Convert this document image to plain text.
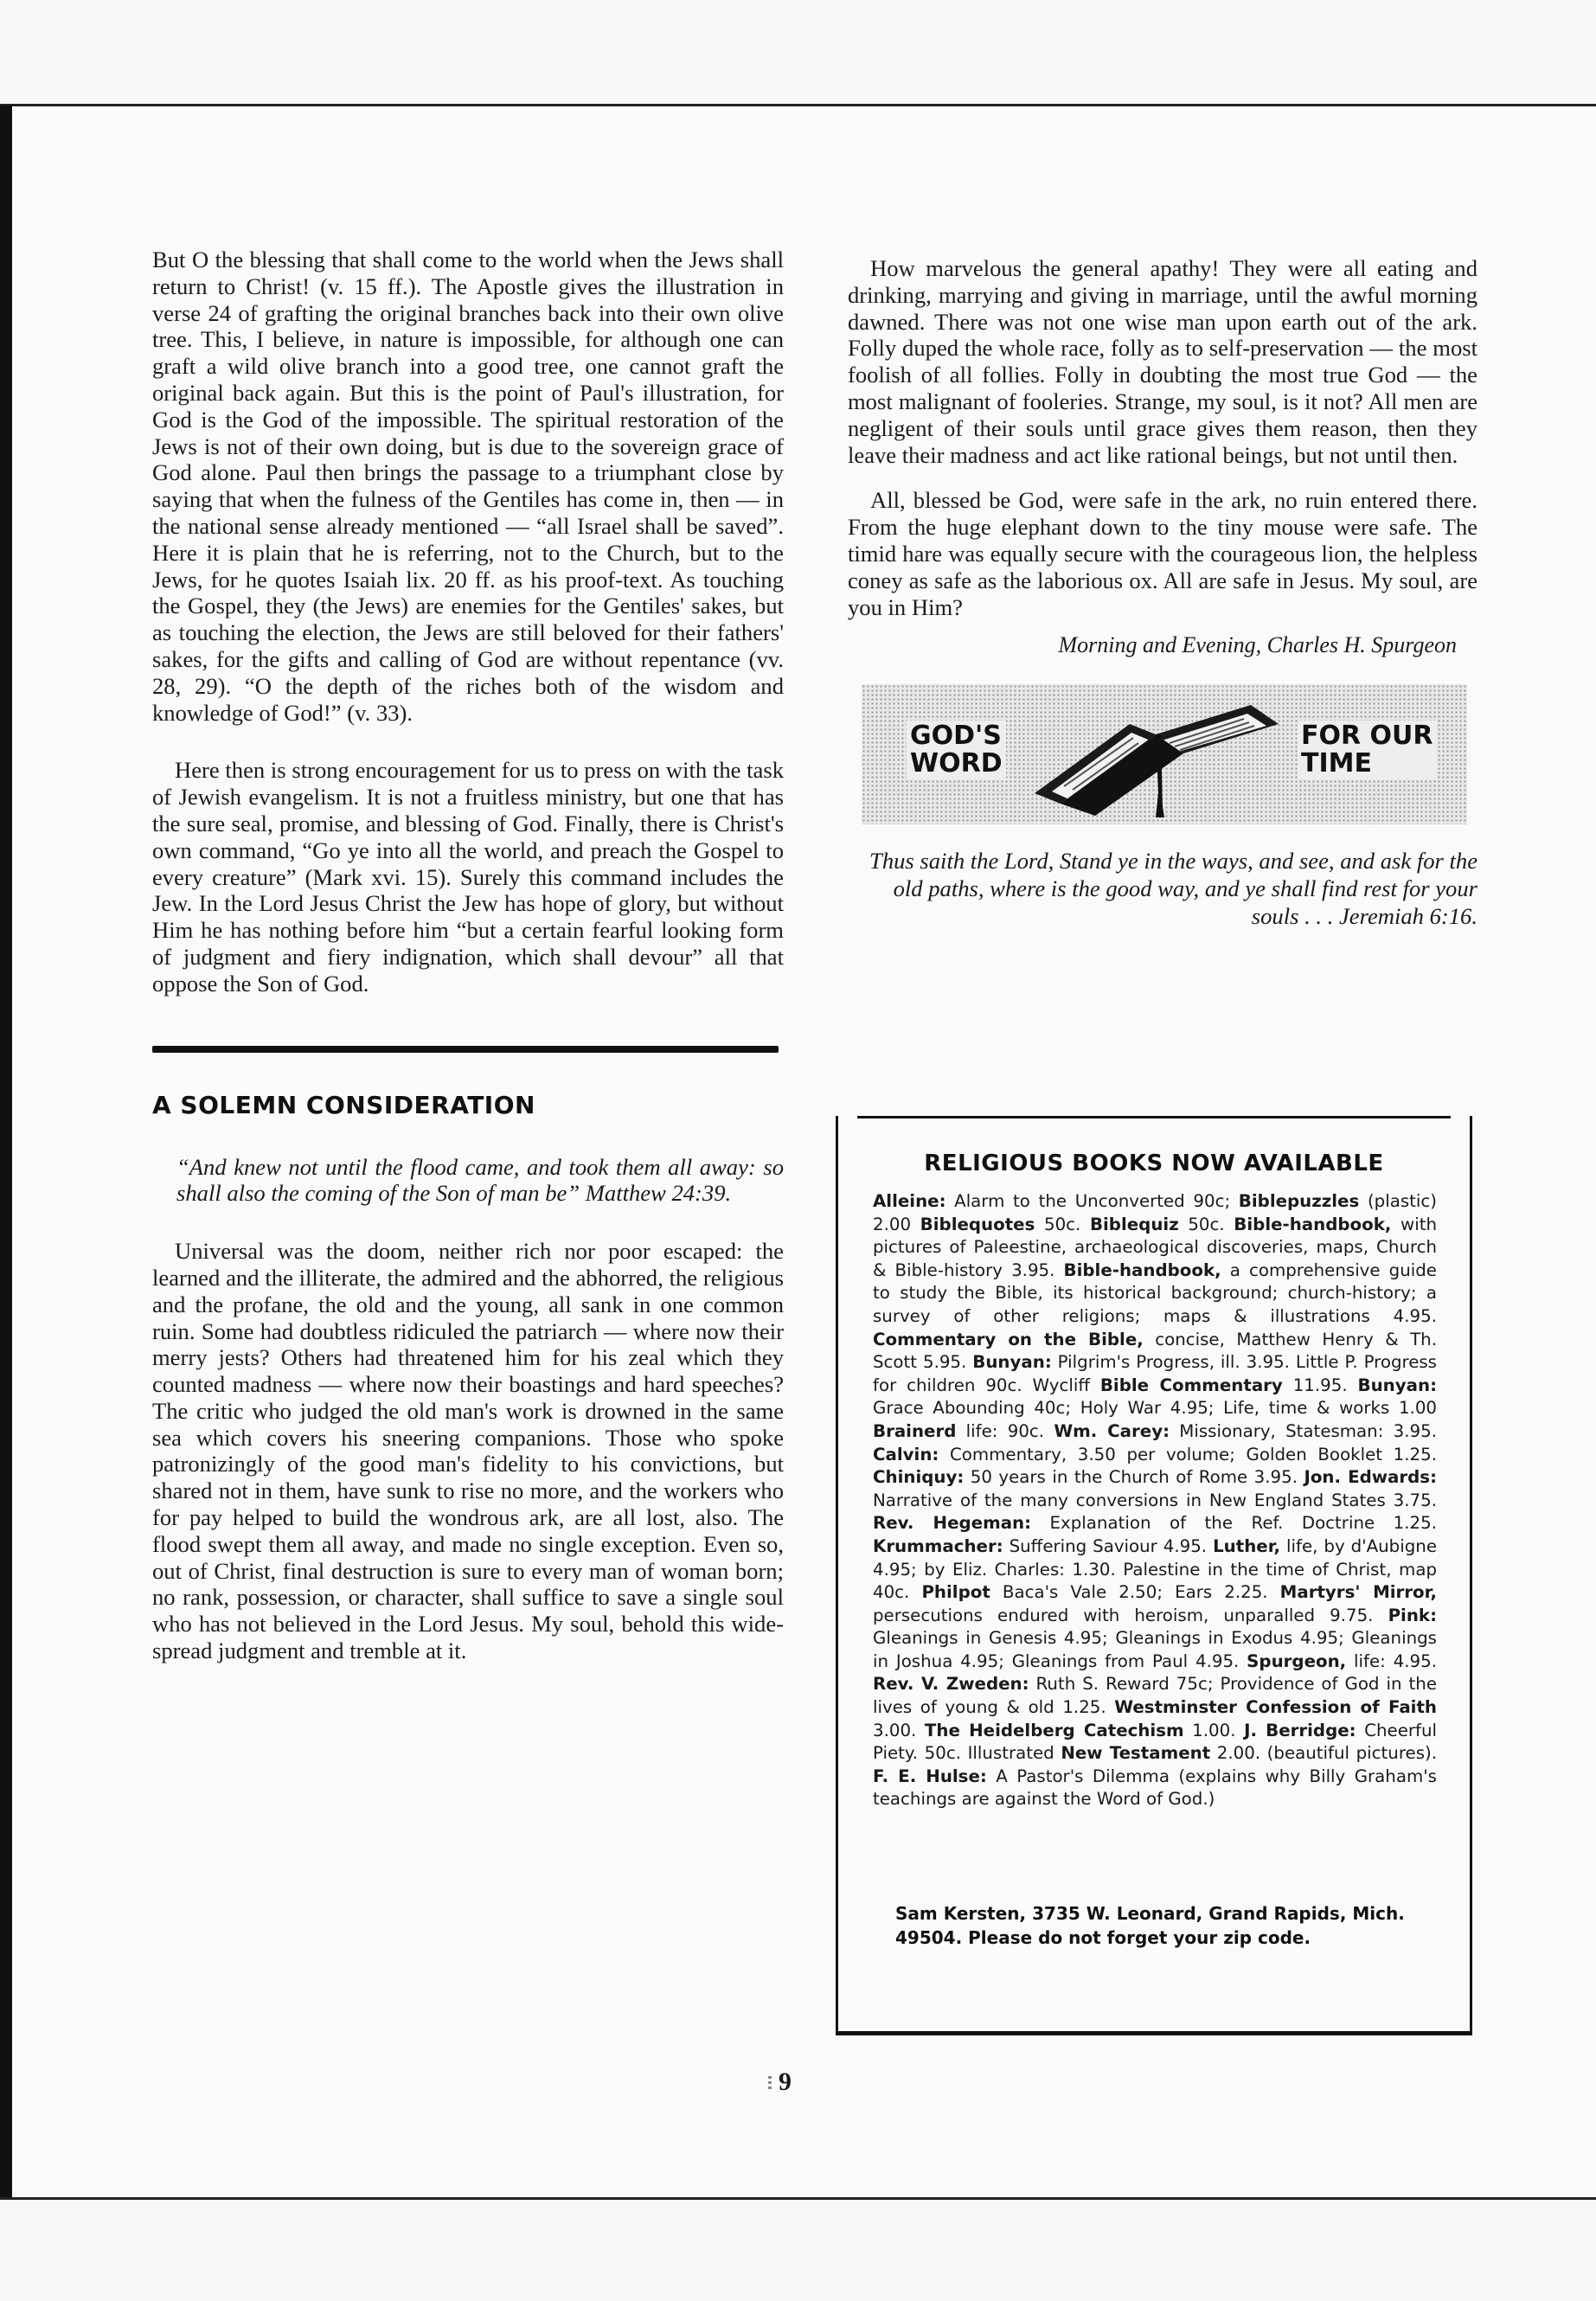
But O the blessing that shall come to the world when the Jews shall return to Christ! (v. 15 ff.). The Apostle gives the illustration in verse 24 of grafting the original branches back into their own olive tree. This, I believe, in nature is impossible, for although one can graft a wild olive branch into a good tree, one cannot graft the original back again. But this is the point of Paul's illustration, for God is the God of the impossible. The spiritual restoration of the Jews is not of their own doing, but is due to the sovereign grace of God alone. Paul then brings the passage to a triumphant close by saying that when the fulness of the Gentiles has come in, then — in the national sense already mentioned — “all Israel shall be saved”. Here it is plain that he is referring, not to the Church, but to the Jews, for he quotes Isaiah lix. 20 ff. as his proof-text. As touching the Gospel, they (the Jews) are enemies for the Gentiles' sakes, but as touching the election, the Jews are still beloved for their fathers' sakes, for the gifts and calling of God are without repentance (vv. 28, 29). “O the depth of the riches both of the wisdom and knowledge of God!” (v. 33).

Here then is strong encouragement for us to press on with the task of Jewish evangelism. It is not a fruitless ministry, but one that has the sure seal, promise, and blessing of God. Finally, there is Christ's own command, “Go ye into all the world, and preach the Gospel to every creature” (Mark xvi. 15). Surely this command includes the Jew. In the Lord Jesus Christ the Jew has hope of glory, but without Him he has nothing before him “but a certain fearful looking form of judgment and fiery indignation, which shall devour” all that oppose the Son of God.

A SOLEMN CONSIDERATION
“And knew not until the flood came, and took them all away: so shall also the coming of the Son of man be” Matthew 24:39.

Universal was the doom, neither rich nor poor escaped: the learned and the illiterate, the admired and the abhorred, the religious and the profane, the old and the young, all sank in one common ruin. Some had doubtless ridiculed the patriarch — where now their merry jests? Others had threatened him for his zeal which they counted madness — where now their boastings and hard speeches? The critic who judged the old man's work is drowned in the same sea which covers his sneering companions. Those who spoke patronizingly of the good man's fidelity to his convictions, but shared not in them, have sunk to rise no more, and the workers who for pay helped to build the wondrous ark, are all lost, also. The flood swept them all away, and made no single exception. Even so, out of Christ, final destruction is sure to every man of woman born; no rank, possession, or character, shall suffice to save a single soul who has not believed in the Lord Jesus. My soul, behold this wide-spread judgment and tremble at it.

How marvelous the general apathy! They were all eating and drinking, marrying and giving in marriage, until the awful morning dawned. There was not one wise man upon earth out of the ark. Folly duped the whole race, folly as to self-preservation — the most foolish of all follies. Folly in doubting the most true God — the most malignant of fooleries. Strange, my soul, is it not? All men are negligent of their souls until grace gives them reason, then they leave their madness and act like rational beings, but not until then.

All, blessed be God, were safe in the ark, no ruin entered there. From the huge elephant down to the tiny mouse were safe. The timid hare was equally secure with the courageous lion, the helpless coney as safe as the laborious ox. All are safe in Jesus. My soul, are you in Him?

Morning and Evening, Charles H. Spurgeon
GOD'S
WORD
FOR OUR
TIME
Thus saith the Lord, Stand ye in the ways, and see, and ask for the old paths, where is the good way, and ye shall find rest for your souls . . . Jeremiah 6:16.
RELIGIOUS BOOKS NOW AVAILABLE
Alleine: Alarm to the Unconverted 90c; Biblepuzzles (plastic) 2.00 Biblequotes 50c. Biblequiz 50c. Bible-handbook, with pictures of Paleestine, archaeological discoveries, maps, Church & Bible-history 3.95. Bible-handbook, a comprehensive guide to study the Bible, its historical background; church-history; a survey of other religions; maps & illustrations 4.95. Commentary on the Bible, concise, Matthew Henry & Th. Scott 5.95. Bunyan: Pilgrim's Progress, ill. 3.95. Little P. Progress for children 90c. Wycliff Bible Commentary 11.95. Bunyan: Grace Abounding 40c; Holy War 4.95; Life, time & works 1.00 Brainerd life: 90c. Wm. Carey: Missionary, Statesman: 3.95. Calvin: Commentary, 3.50 per volume; Golden Booklet 1.25. Chiniquy: 50 years in the Church of Rome 3.95. Jon. Edwards: Narrative of the many conversions in New England States 3.75. Rev. Hegeman: Explanation of the Ref. Doctrine 1.25. Krummacher: Suffering Saviour 4.95. Luther, life, by d'Aubigne 4.95; by Eliz. Charles: 1.30. Palestine in the time of Christ, map 40c. Philpot Baca's Vale 2.50; Ears 2.25. Martyrs' Mirror, persecutions endured with heroism, unparalled 9.75. Pink: Gleanings in Genesis 4.95; Gleanings in Exodus 4.95; Gleanings in Joshua 4.95; Gleanings from Paul 4.95. Spurgeon, life: 4.95. Rev. V. Zweden: Ruth S. Reward 75c; Providence of God in the lives of young & old 1.25. Westminster Confession of Faith 3.00. The Heidelberg Catechism 1.00. J. Berridge: Cheerful Piety. 50c. Illustrated New Testament 2.00. (beautiful pictures). F. E. Hulse: A Pastor's Dilemma (explains why Billy Graham's teachings are against the Word of God.)
Sam Kersten, 3735 W. Leonard, Grand Rapids, Mich. 49504. Please do not forget your zip code.
9
